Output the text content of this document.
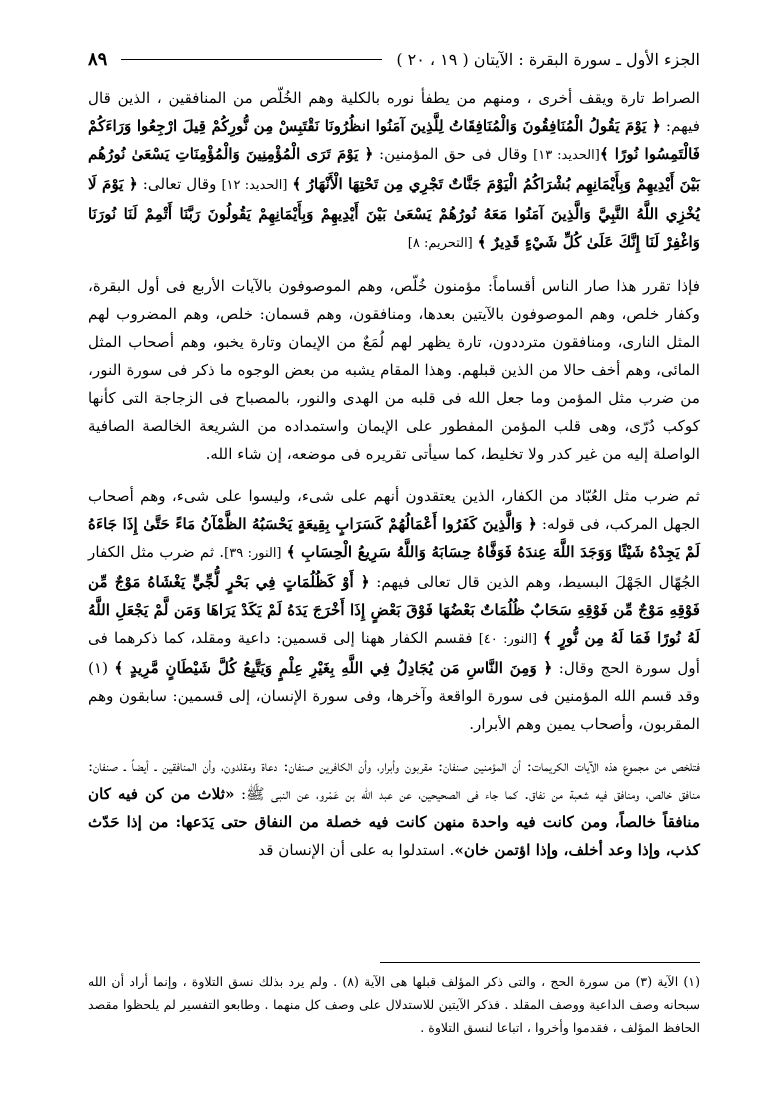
الجزء الأول ـ سورة البقرة : الآيتان ( ١٩ ، ٢٠ )
٨٩

الصراط تارة ويقف أخرى ، ومنهم من يطفأ نوره بالكلية وهم الخُلّص من المنافقين ، الذين قال فيهم: ﴿ يَوْمَ يَقُولُ الْمُنَافِقُونَ وَالْمُنَافِقَاتُ لِلَّذِينَ آمَنُوا انظُرُونَا نَقْتَبِسْ مِن نُّورِكُمْ قِيلَ ارْجِعُوا وَرَاءَكُمْ فَالْتَمِسُوا نُورًا ﴾[الحديد: ١٣] وقال فى حق المؤمنين: ﴿ يَوْمَ تَرَى الْمُؤْمِنِينَ وَالْمُؤْمِنَاتِ يَسْعَىٰ نُورُهُم بَيْنَ أَيْدِيهِمْ وَبِأَيْمَانِهِم بُشْرَاكُمُ الْيَوْمَ جَنَّاتٌ تَجْرِي مِن تَحْتِهَا الْأَنْهَارُ ﴾ [الحديد: ١٢] وقال تعالى: ﴿ يَوْمَ لَا يُخْزِي اللَّهُ النَّبِيَّ وَالَّذِينَ آمَنُوا مَعَهُ نُورُهُمْ يَسْعَىٰ بَيْنَ أَيْدِيهِمْ وَبِأَيْمَانِهِمْ يَقُولُونَ رَبَّنَا أَتْمِمْ لَنَا نُورَنَا وَاغْفِرْ لَنَا إِنَّكَ عَلَىٰ كُلِّ شَيْءٍ قَدِيرٌ ﴾ [التحريم: ٨]

فإذا تقرر هذا صار الناس أقساماً: مؤمنون خُلّص، وهم الموصوفون بالآيات الأربع فى أول البقرة، وكفار خلص، وهم الموصوفون بالآيتين بعدها، ومنافقون، وهم قسمان: خلص، وهم المضروب لهم المثل النارى، ومنافقون مترددون، تارة يظهر لهم لُمَعٌ من الإيمان وتارة يخبو، وهم أصحاب المثل المائى، وهم أخف حالا من الذين قبلهم. وهذا المقام يشبه من بعض الوجوه ما ذكر فى سورة النور، من ضرب مثل المؤمن وما جعل الله فى قلبه من الهدى والنور، بالمصباح فى الزجاجة التى كأنها كوكب دُرّى، وهى قلب المؤمن المفطور على الإيمان واستمداده من الشريعة الخالصة الصافية الواصلة إليه من غير كدر ولا تخليط، كما سيأتى تقريره فى موضعه، إن شاء الله.

ثم ضرب مثل العُبّاد من الكفار، الذين يعتقدون أنهم على شىء، وليسوا على شىء، وهم أصحاب الجهل المركب، فى قوله: ﴿ وَالَّذِينَ كَفَرُوا أَعْمَالُهُمْ كَسَرَابٍ بِقِيعَةٍ يَحْسَبُهُ الظَّمْآنُ مَاءً حَتَّىٰ إِذَا جَاءَهُ لَمْ يَجِدْهُ شَيْئًا وَوَجَدَ اللَّهَ عِندَهُ فَوَفَّاهُ حِسَابَهُ وَاللَّهُ سَرِيعُ الْحِسَابِ ﴾ [النور: ٣٩]. ثم ضرب مثل الكفار الجُهّال الجَهْلَ البسيط، وهم الذين قال تعالى فيهم: ﴿ أَوْ كَظُلُمَاتٍ فِي بَحْرٍ لُّجِّيٍّ يَغْشَاهُ مَوْجٌ مِّن فَوْقِهِ مَوْجٌ مِّن فَوْقِهِ سَحَابٌ ظُلُمَاتٌ بَعْضُهَا فَوْقَ بَعْضٍ إِذَا أَخْرَجَ يَدَهُ لَمْ يَكَدْ يَرَاهَا وَمَن لَّمْ يَجْعَلِ اللَّهُ لَهُ نُورًا فَمَا لَهُ مِن نُّورٍ ﴾ [النور: ٤٠] فقسم الكفار ههنا إلى قسمين: داعية ومقلد، كما ذكرهما فى أول سورة الحج وقال: ﴿ وَمِنَ النَّاسِ مَن يُجَادِلُ فِي اللَّهِ بِغَيْرِ عِلْمٍ وَيَتَّبِعُ كُلَّ شَيْطَانٍ مَّرِيدٍ ﴾ (١) وقد قسم الله المؤمنين فى سورة الواقعة وآخرها، وفى سورة الإنسان، إلى قسمين: سابقون وهم المقربون، وأصحاب يمين وهم الأبرار.

فتلخص من مجموع هذه الآيات الكريمات: أن المؤمنين صنفان: مقربون وأبرار، وأن الكافرين صنفان: دعاة ومقلدون، وأن المنافقين ـ أيضاً ـ صنفان: منافق خالص، ومنافق فيه شعبة من نفاق. كما جاء فى الصحيحين، عن عبد الله بن عَمْرو، عن النبى ﷺ: «ثلاث من كن فيه كان منافقاً خالصاً، ومن كانت فيه واحدة منهن كانت فيه خصلة من النفاق حتى يَدَعها: من إذا حَدّث كذب، وإذا وعد أخلف، وإذا اؤتمن خان». استدلوا به على أن الإنسان قد

(١) الآية (٣) من سورة الحج ، والتى ذكر المؤلف قبلها هى الآية (٨) . ولم يرد بذلك نسق التلاوة ، وإنما أراد أن الله سبحانه وصف الداعية ووصف المقلد . فذكر الآيتين للاستدلال على وصف كل منهما . وطابعو التفسير لم يلحظوا مقصد الحافظ المؤلف ، فقدموا وأخروا ، اتباعا لنسق التلاوة .
